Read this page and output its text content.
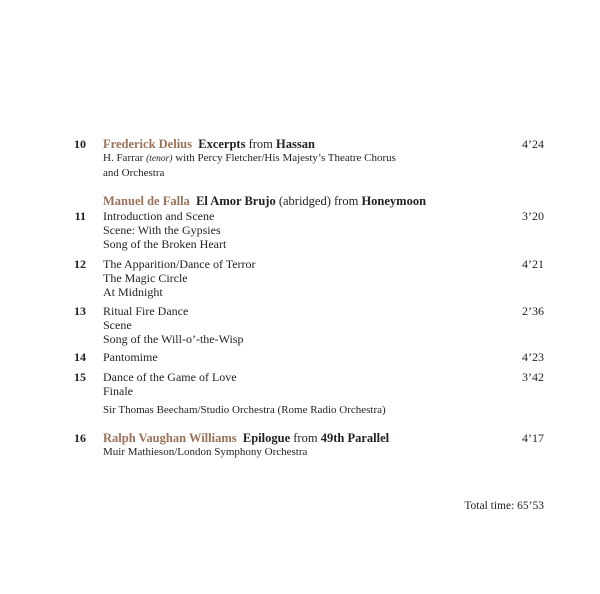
10 Frederick Delius Excerpts from Hassan
H. Farrar (tenor) with Percy Fletcher/His Majesty’s Theatre Chorus
and Orchestra
4’24
Manuel de Falla El Amor Brujo (abridged) from Honeymoon
11 Introduction and Scene
Scene: With the Gypsies
Song of the Broken Heart
3’20
12 The Apparition/Dance of Terror
The Magic Circle
At Midnight
4’21
13 Ritual Fire Dance
Scene
Song of the Will-o’-the-Wisp
2’36
14 Pantomime	4’23
15 Dance of the Game of Love
Finale
Sir Thomas Beecham/Studio Orchestra (Rome Radio Orchestra)
3’42
16 Ralph Vaughan Williams Epilogue from 49th Parallel
Muir Mathieson/London Symphony Orchestra
4’17
Total time: 65’53
